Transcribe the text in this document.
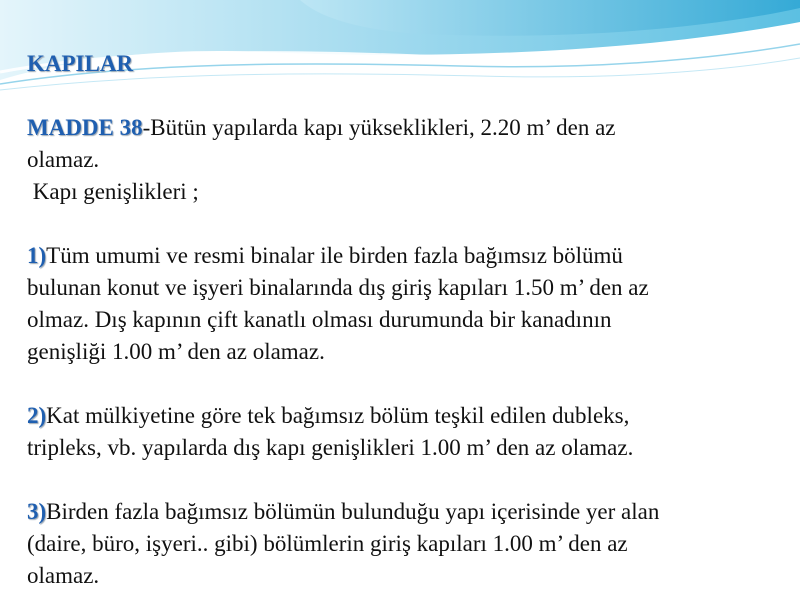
KAPILAR

MADDE 38-Bütün yapılarda kapı yükseklikleri, 2.20 m’ den az

olamaz.

Kapı genişlikleri ;

1)Tüm umumi ve resmi binalar ile birden fazla bağımsız bölümü

bulunan konut ve işyeri binalarında dış giriş kapıları 1.50 m’ den az

olmaz. Dış kapının çift kanatlı olması durumunda bir kanadının

genişliği 1.00 m’ den az olamaz.

2)Kat mülkiyetine göre tek bağımsız bölüm teşkil edilen dubleks,

tripleks, vb. yapılarda dış kapı genişlikleri 1.00 m’ den az olamaz.

3)Birden fazla bağımsız bölümün bulunduğu yapı içerisinde yer alan

(daire, büro, işyeri.. gibi) bölümlerin giriş kapıları 1.00 m’ den az

olamaz.
